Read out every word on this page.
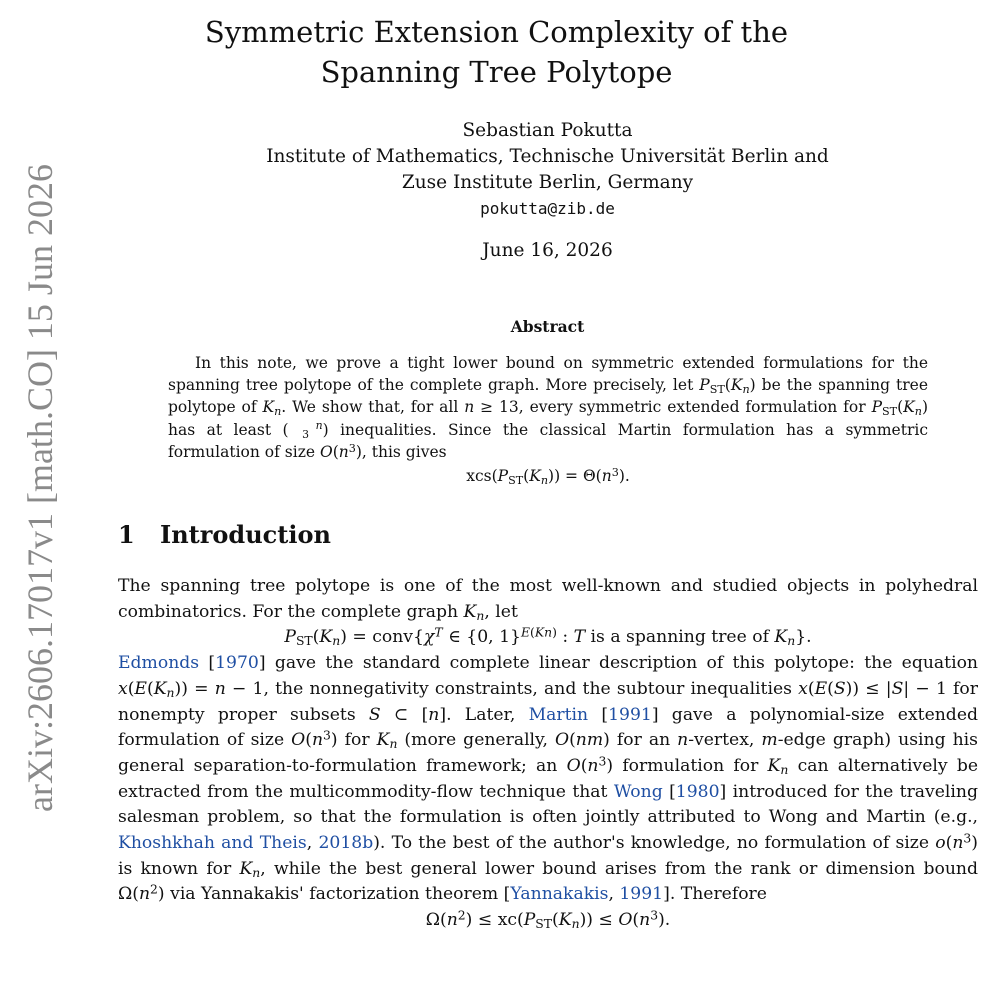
arXiv:2606.17017v1 [math.CO] 15 Jun 2026
Symmetric Extension Complexity of the
Spanning Tree Polytope
Sebastian Pokutta
Institute of Mathematics, Technische Universität Berlin and
Zuse Institute Berlin, Germany
pokutta@zib.de
June 16, 2026
Abstract

In this note, we prove a tight lower bound on symmetric extended formulations for the spanning tree polytope of the complete graph. More precisely, let $P_{ST}(K_n)$ be the spanning tree polytope of $K_n$. We show that, for all n ≥ 13, every symmetric extended formulation for $P_{ST}(K_n)$ has at least ( n
3 ) inequalities. Since the classical Martin formulation has a symmetric formulation of size $O(n^3)$, this gives

$xcs(P_{ST}(K_n)) = \Theta(n^3)$.

1 Introduction

The spanning tree polytope is one of the most well-known and studied objects in polyhedral combinatorics. For the complete graph $K_n$, let

$P_{ST}(K_n)$ = $conv\{\chi^T$ ∈ {0, 1}$^{E(Kn)}$ : T is a spanning tree of $K_n$}.

Edmonds [1970] gave the standard complete linear description of this polytope: the equation $x(E(K_n)) = n - 1$, the nonnegativity constraints, and the subtour inequalities x(E(S)) ≤ |S| − 1 for nonempty proper subsets S ⊂ [n]. Later, Martin [1991] gave a polynomial-size extended formulation of size $O(n^3)$ for $K_n$ (more generally, O(nm) for an n-vertex, m-edge graph) using his general separation-to-formulation framework; an $O(n^3)$ formulation for $K_n$ can alternatively be extracted from the multicommodity-flow technique that Wong [1980] introduced for the traveling salesman problem, so that the formulation is often jointly attributed to Wong and Martin (e.g., Khoshkhah and Theis, 2018b). To the best of the author's knowledge, no formulation of size $o(n^3)$ is known for $K_n$, while the best general lower bound arises from the rank or dimension bound $\Omega(n^2)$ via Yannakakis' factorization theorem [Yannakakis, 1991]. Therefore

$\Omega(n^2) \le xc(P_{ST}(K_n)) \le O(n^3)$.
